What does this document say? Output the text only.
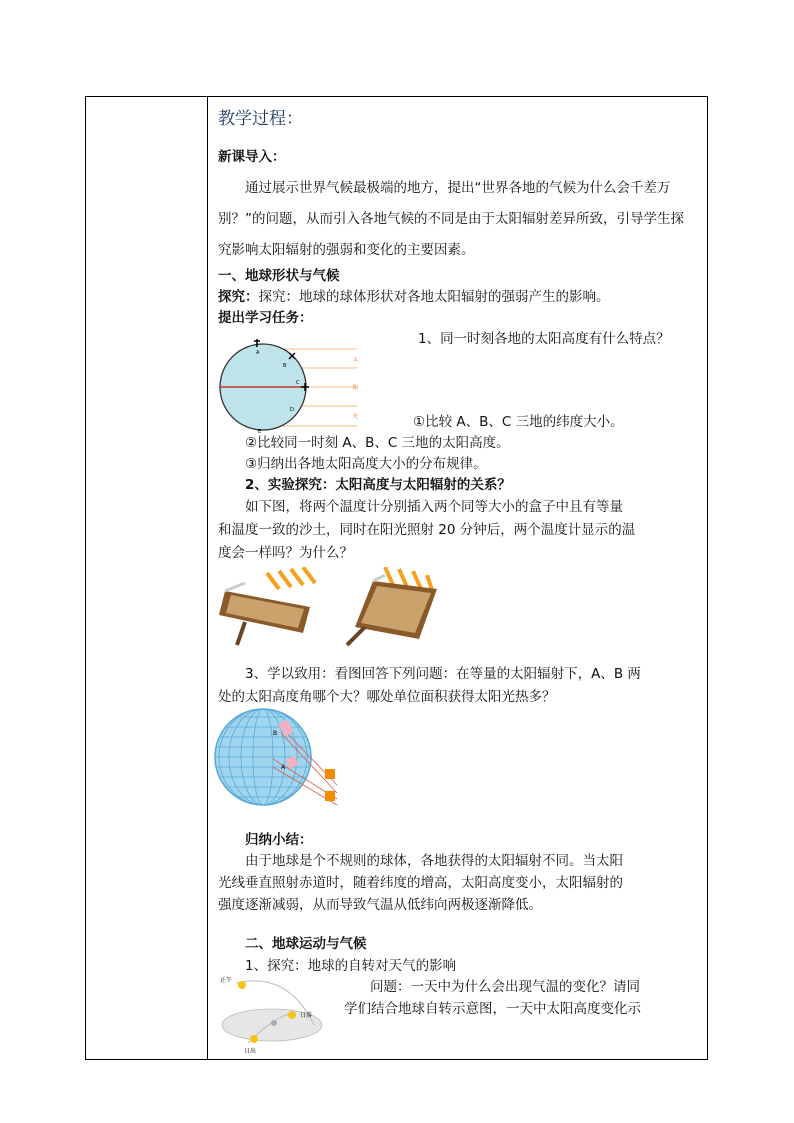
教学过程：
新课导入：
通过展示世界气候最极端的地方，提出“世界各地的气候为什么会千差万
别？”的问题，从而引入各地气候的不同是由于太阳辐射差异所致，引导学生探
究影响太阳辐射的强弱和变化的主要因素。
一、地球形状与气候
探究：探究：地球的球体形状对各地太阳辐射的强弱产生的影响。
提出学习任务：
1、同一时刻各地的太阳高度有什么特点？
A
B
C
D
E
太
阳
光	①比较 A、B、C 三地的纬度大小。
②比较同一时刻 A、B、C 三地的太阳高度。
③归纳出各地太阳高度大小的分布规律。
2、实验探究：太阳高度与太阳辐射的关系？
如下图，将两个温度计分别插入两个同等大小的盒子中且有等量
和温度一致的沙土，同时在阳光照射 20 分钟后，两个温度计显示的温
度会一样吗？为什么？
3、学以致用：看图回答下列问题：在等量的太阳辐射下，A、B 两
处的太阳高度角哪个大？哪处单位面积获得太阳光热多？
B
A
归纳小结：
由于地球是个不规则的球体，各地获得的太阳辐射不同。当太阳
光线垂直照射赤道时，随着纬度的增高，太阳高度变小，太阳辐射的
强度逐渐减弱，从而导致气温从低纬向两极逐渐降低。
二、地球运动与气候
1、探究：地球的自转对天气的影响
问题：一天中为什么会出现气温的变化？请同
学们结合地球自转示意图，一天中太阳高度变化示
正午
日落
日出
